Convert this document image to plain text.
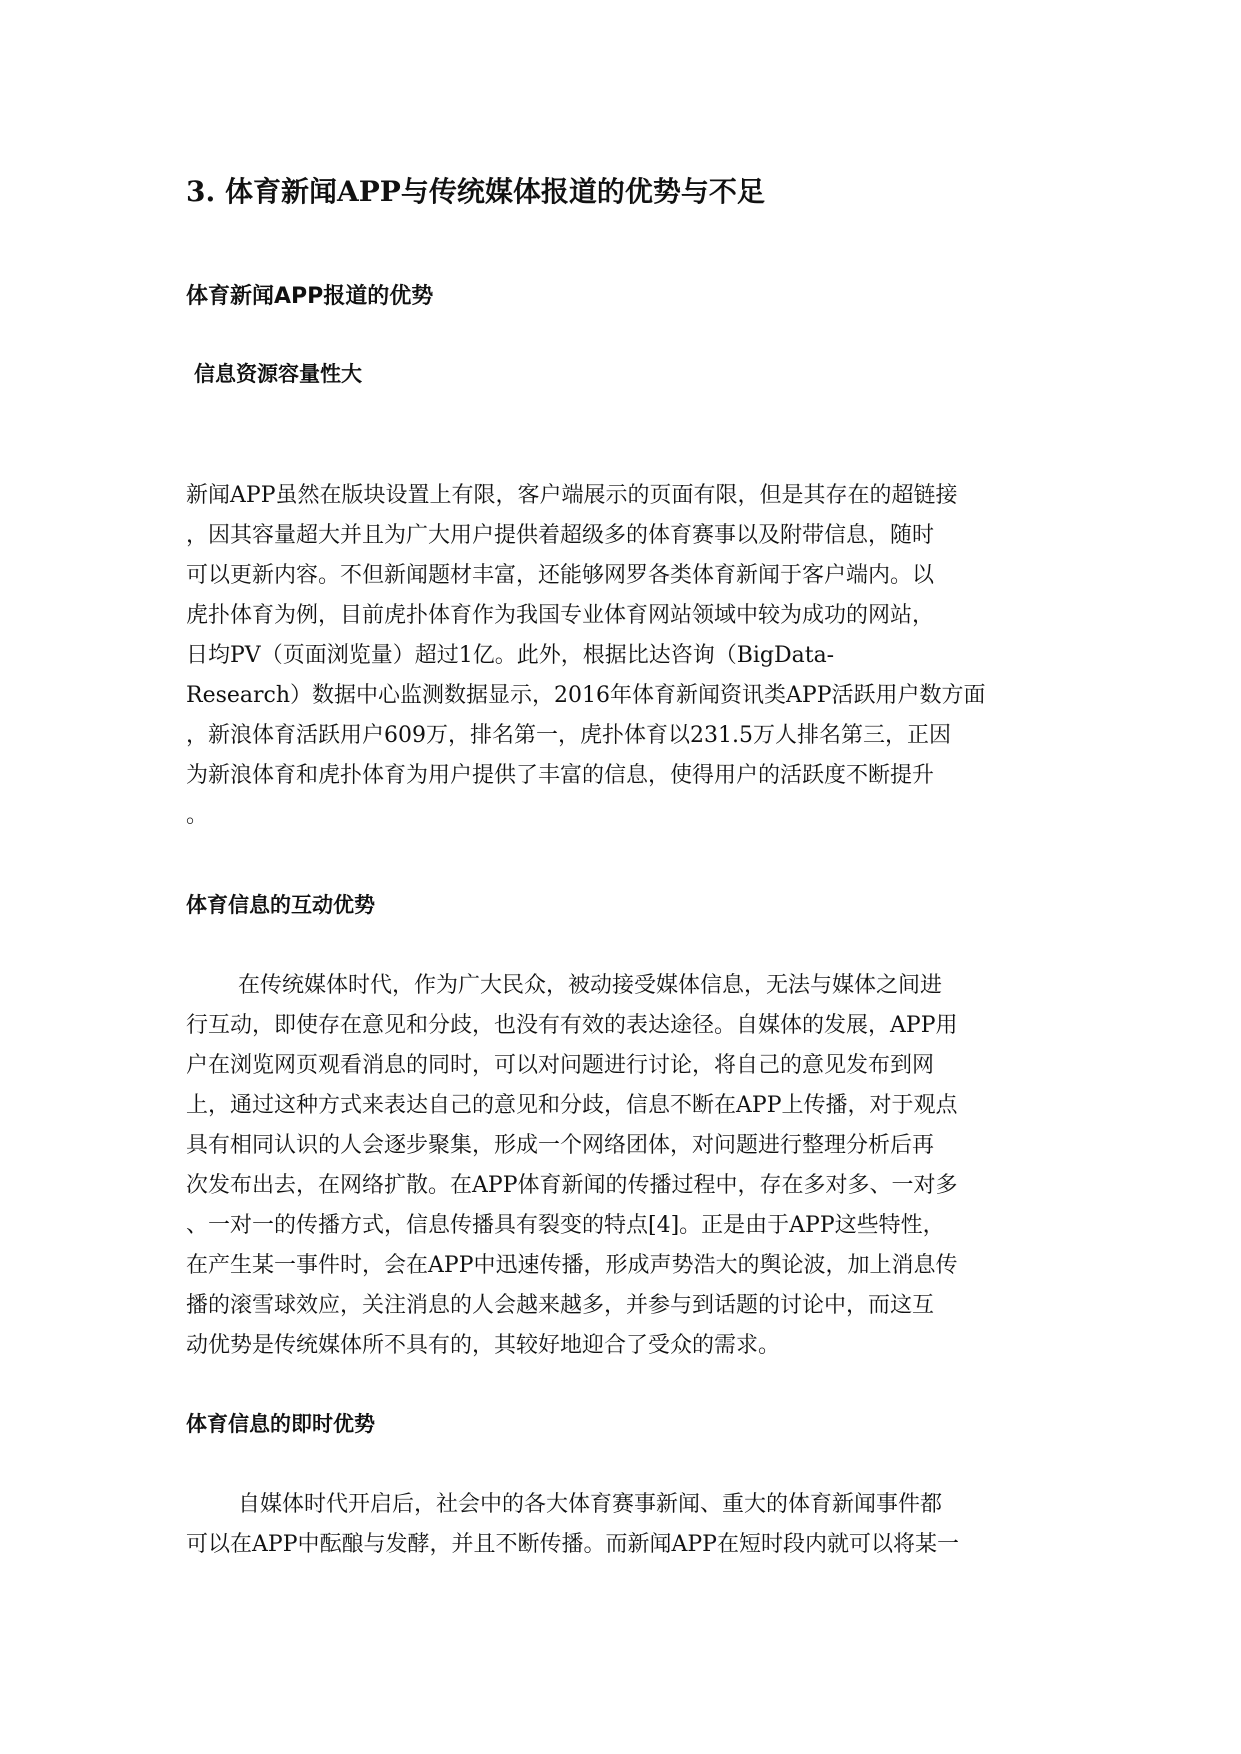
3. 体育新闻APP与传统媒体报道的优势与不足
体育新闻APP报道的优势
信息资源容量性大
新闻APP虽然在版块设置上有限，客户端展示的页面有限，但是其存在的超链接
，因其容量超大并且为广大用户提供着超级多的体育赛事以及附带信息，随时
可以更新内容。不但新闻题材丰富，还能够网罗各类体育新闻于客户端内。以
虎扑体育为例，目前虎扑体育作为我国专业体育网站领域中较为成功的网站，
日均PV（页面浏览量）超过1亿。此外，根据比达咨询（BigData-
Research）数据中心监测数据显示，2016年体育新闻资讯类APP活跃用户数方面
，新浪体育活跃用户609万，排名第一，虎扑体育以231.5万人排名第三，正因
为新浪体育和虎扑体育为用户提供了丰富的信息，使得用户的活跃度不断提升
。
体育信息的互动优势
在传统媒体时代，作为广大民众，被动接受媒体信息，无法与媒体之间进
行互动，即使存在意见和分歧，也没有有效的表达途径。自媒体的发展，APP用
户在浏览网页观看消息的同时，可以对问题进行讨论，将自己的意见发布到网
上，通过这种方式来表达自己的意见和分歧，信息不断在APP上传播，对于观点
具有相同认识的人会逐步聚集，形成一个网络团体，对问题进行整理分析后再
次发布出去，在网络扩散。在APP体育新闻的传播过程中，存在多对多、一对多
、一对一的传播方式，信息传播具有裂变的特点[4]。正是由于APP这些特性，
在产生某一事件时，会在APP中迅速传播，形成声势浩大的舆论波，加上消息传
播的滚雪球效应，关注消息的人会越来越多，并参与到话题的讨论中，而这互
动优势是传统媒体所不具有的，其较好地迎合了受众的需求。
体育信息的即时优势
自媒体时代开启后，社会中的各大体育赛事新闻、重大的体育新闻事件都
可以在APP中酝酿与发酵，并且不断传播。而新闻APP在短时段内就可以将某一
